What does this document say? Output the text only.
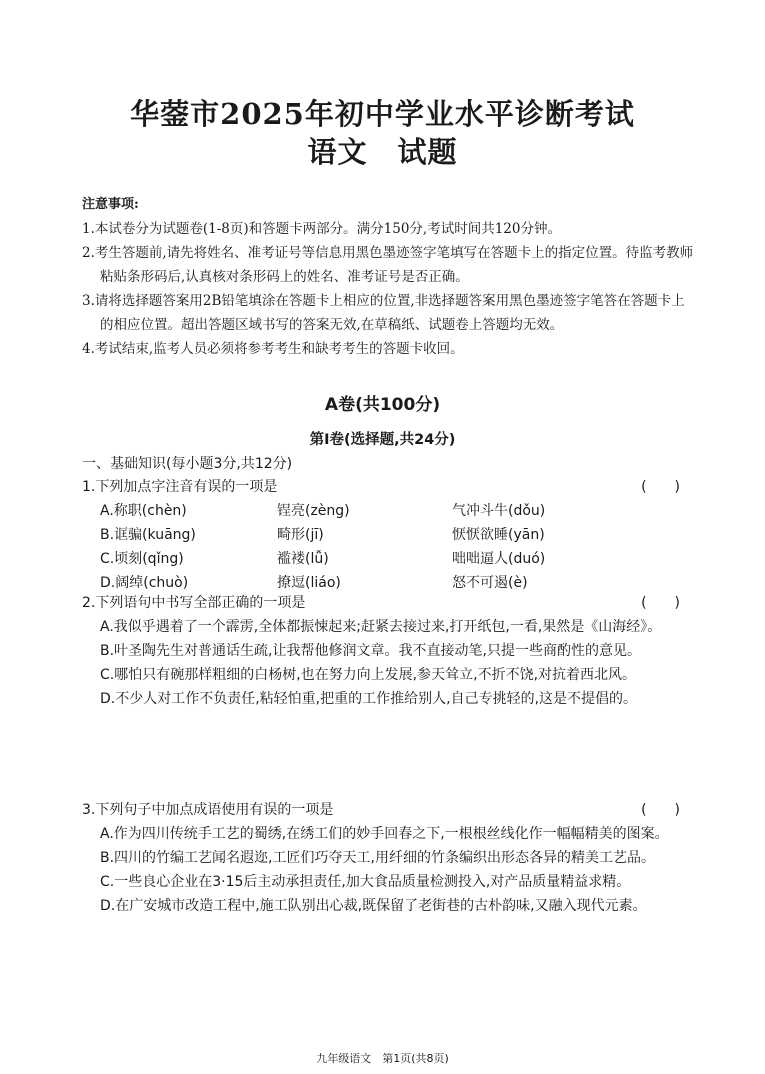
华蓥市2025年初中学业水平诊断考试
语文　试题
注意事项:

1.本试卷分为试题卷(1-8页)和答题卡两部分。满分150分,考试时间共120分钟。

2.考生答题前,请先将姓名、准考证号等信息用黑色墨迹签字笔填写在答题卡上的指定位置。待监考教师粘贴条形码后,认真核对条形码上的姓名、准考证号是否正确。

3.请将选择题答案用2B铅笔填涂在答题卡上相应的位置,非选择题答案用黑色墨迹签字笔答在答题卡上的相应位置。超出答题区域书写的答案无效,在草稿纸、试题卷上答题均无效。

4.考试结束,监考人员必须将参考考生和缺考考生的答题卡收回。

A卷(共100分)
第Ⅰ卷(选择题,共24分)
一、基础知识(每小题3分,共12分)
1.下列加点字注音有误的一项是	(　　)
A.称职(chèn)	锃亮(zèng)	气冲斗牛(dǒu)
B.诓骗(kuāng)	畸形(jī)	恹恹欲睡(yān)
C.顷刻(qǐng)	褴褛(lǚ)	咄咄逼人(duó)
D.阔绰(chuò)	撩逗(liáo)	怒不可遏(è)
2.下列语句中书写全部正确的一项是	(　　)

A.我似乎遇着了一个霹雳,全体都振悚起来;赶紧去接过来,打开纸包,一看,果然是《山海经》。

B.叶圣陶先生对普通话生疏,让我帮他修润文章。我不直接动笔,只提一些商酌性的意见。

C.哪怕只有碗那样粗细的白杨树,也在努力向上发展,参天耸立,不折不饶,对抗着西北风。

D.不少人对工作不负责任,粘轻怕重,把重的工作推给别人,自己专挑轻的,这是不提倡的。

3.下列句子中加点成语使用有误的一项是	(　　)

A.作为四川传统手工艺的蜀绣,在绣工们的妙手回春之下,一根根丝线化作一幅幅精美的图案。

B.四川的竹编工艺闻名遐迩,工匠们巧夺天工,用纤细的竹条编织出形态各异的精美工艺品。

C.一些良心企业在3·15后主动承担责任,加大食品质量检测投入,对产品质量精益求精。

D.在广安城市改造工程中,施工队别出心裁,既保留了老街巷的古朴韵味,又融入现代元素。

九年级语文　第1页(共8页)
